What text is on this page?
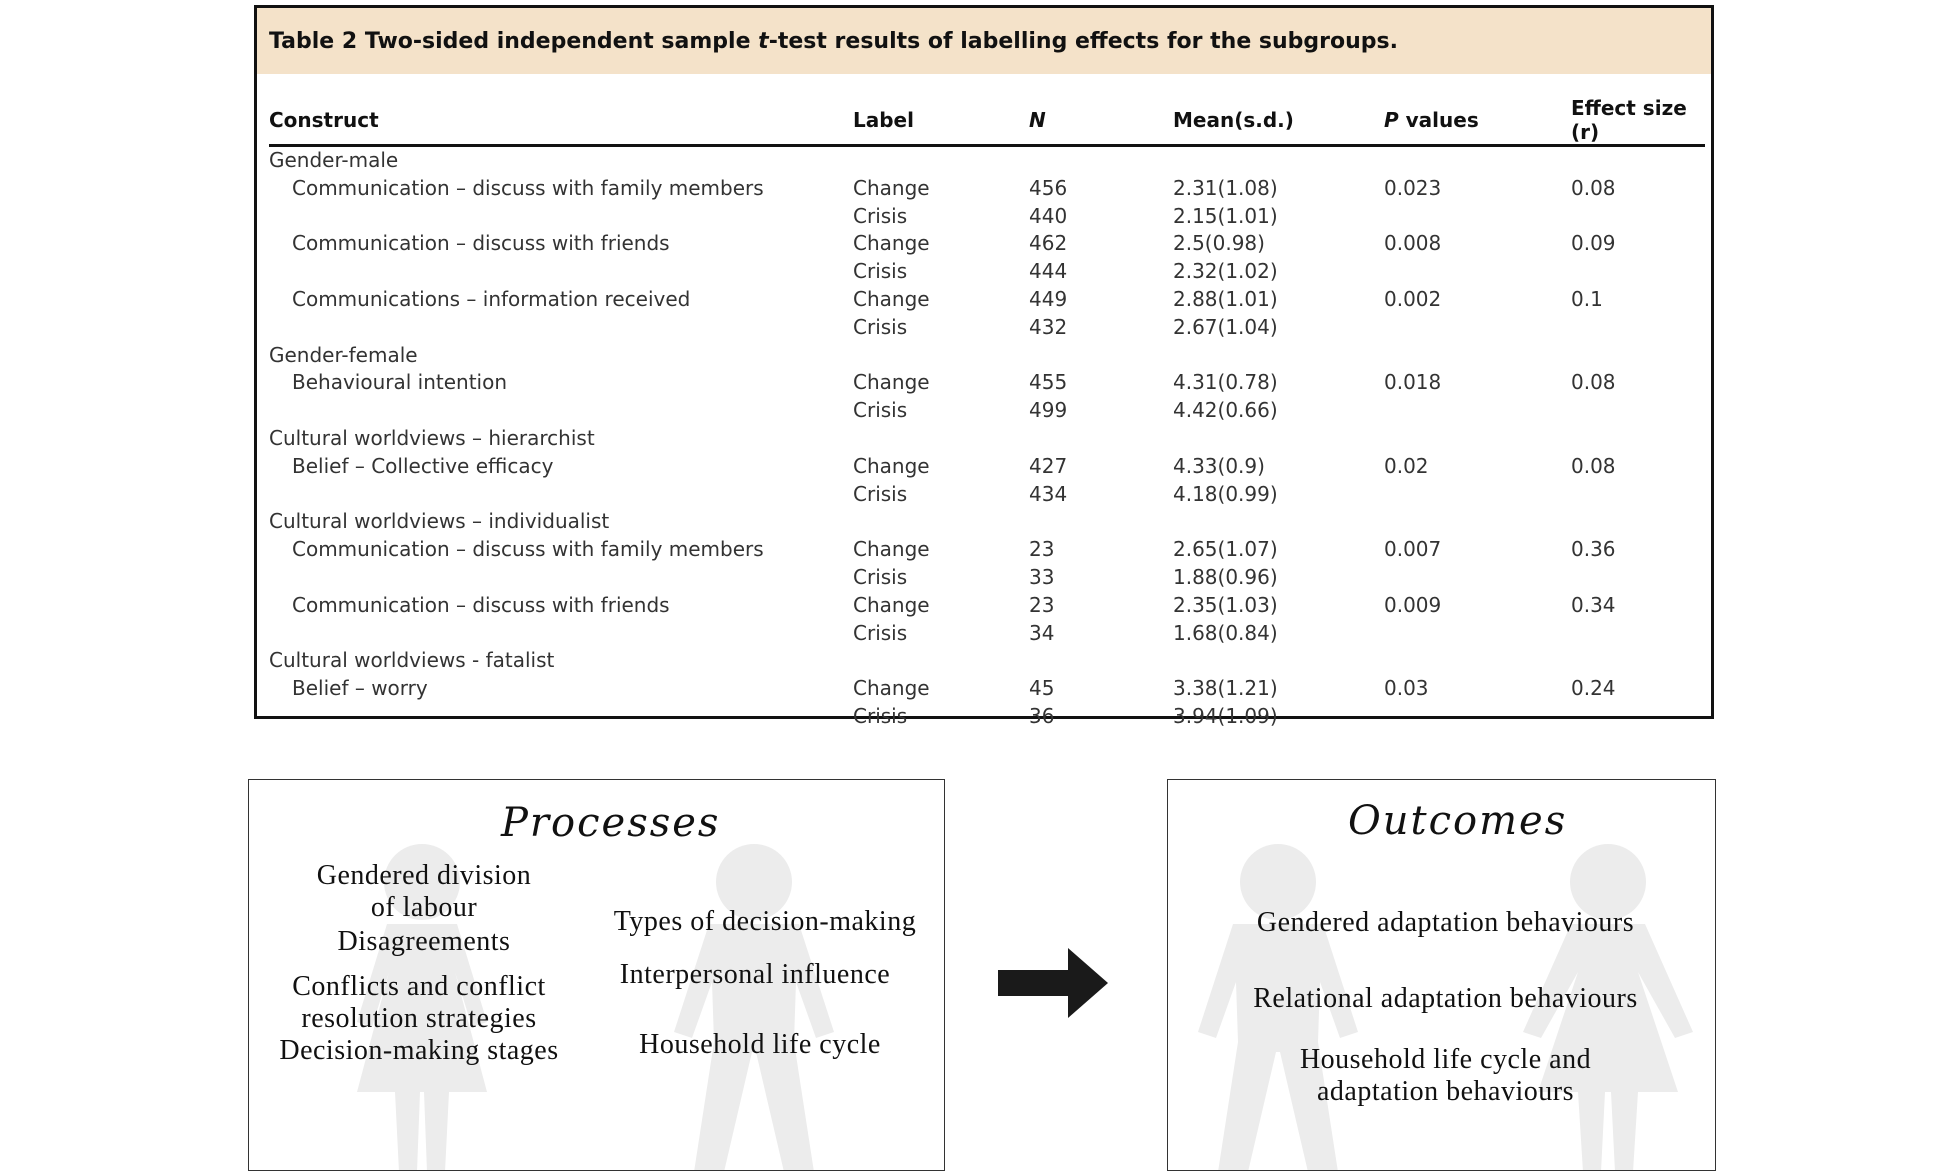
Table 2 Two-sided independent sample t -test results of labelling effects for the subgroups.
Construct	Label	N	Mean(s.d.)	P values	Effect size (r)
Gender-male					
Communication – discuss with family members	Change	456	2.31(1.08)	0.023	0.08
	Crisis	440	2.15(1.01)		
Communication – discuss with friends	Change	462	2.5(0.98)	0.008	0.09
	Crisis	444	2.32(1.02)		
Communications – information received	Change	449	2.88(1.01)	0.002	0.1
	Crisis	432	2.67(1.04)		
Gender-female					
Behavioural intention	Change	455	4.31(0.78)	0.018	0.08
	Crisis	499	4.42(0.66)		
Cultural worldviews – hierarchist					
Belief – Collective efficacy	Change	427	4.33(0.9)	0.02	0.08
	Crisis	434	4.18(0.99)		
Cultural worldviews – individualist					
Communication – discuss with family members	Change	23	2.65(1.07)	0.007	0.36
	Crisis	33	1.88(0.96)		
Communication – discuss with friends	Change	23	2.35(1.03)	0.009	0.34
	Crisis	34	1.68(0.84)		
Cultural worldviews - fatalist					
Belief – worry	Change	45	3.38(1.21)	0.03	0.24
	Crisis	36	3.94(1.09)		
Processes
Gendered division
of labour
Disagreements
Conflicts and conflict
resolution strategies
Decision-making stages
Types of decision-making
Interpersonal influence
Household life cycle
Outcomes
Gendered adaptation behaviours
Relational adaptation behaviours
Household life cycle and
adaptation behaviours
